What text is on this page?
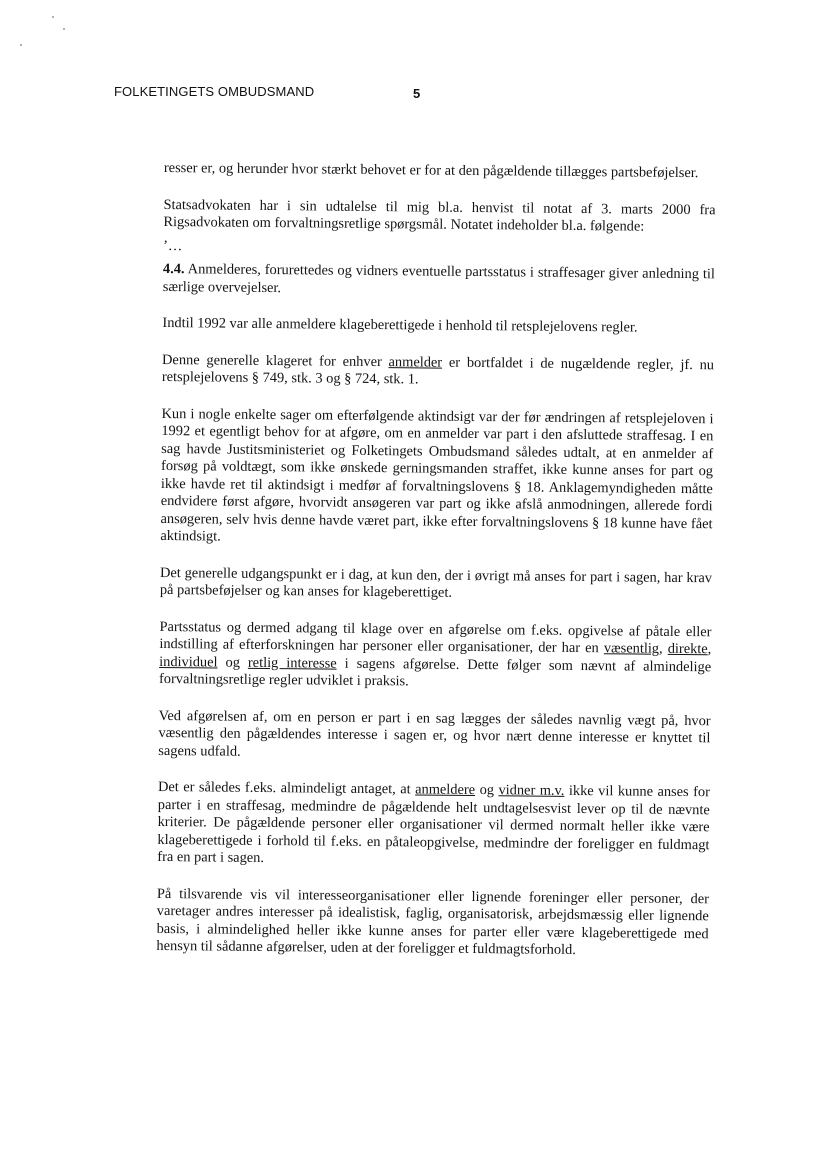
FOLKETINGETS OMBUDSMAND	5

resser er, og herunder hvor stærkt behovet er for at den pågældende tillægges partsbeføjelser.

Statsadvokaten har i sin udtalelse til mig bl.a. henvist til notat af 3. marts 2000 fra Rigsadvokaten om forvaltningsretlige spørgsmål. Notatet indeholder bl.a. følgende:

’…

4.4. Anmelderes, forurettedes og vidners eventuelle partsstatus i straffesager giver anledning til særlige overvejelser.

Indtil 1992 var alle anmeldere klageberettigede i henhold til retsplejelovens regler.

Denne generelle klageret for enhver anmelder er bortfaldet i de nugældende regler, jf. nu retsplejelovens § 749, stk. 3 og § 724, stk. 1.

Kun i nogle enkelte sager om efterfølgende aktindsigt var der før ændringen af retsplejeloven i 1992 et egentligt behov for at afgøre, om en anmelder var part i den afsluttede straffesag. I en sag havde Justitsministeriet og Folketingets Ombudsmand således udtalt, at en anmelder af forsøg på voldtægt, som ikke ønskede gerningsmanden straffet, ikke kunne anses for part og ikke havde ret til aktindsigt i medfør af forvaltningslovens § 18. Anklagemyndigheden måtte endvidere først afgøre, hvorvidt ansøgeren var part og ikke afslå anmodningen, allerede fordi ansøgeren, selv hvis denne havde været part, ikke efter forvaltningslovens § 18 kunne have fået aktindsigt.

Det generelle udgangspunkt er i dag, at kun den, der i øvrigt må anses for part i sagen, har krav på partsbeføjelser og kan anses for klageberettiget.

Partsstatus og dermed adgang til klage over en afgørelse om f.eks. opgivelse af påtale eller indstilling af efterforskningen har personer eller organisationer, der har en væsentlig, direkte, individuel og retlig interesse i sagens afgørelse. Dette følger som nævnt af almindelige forvaltningsretlige regler udviklet i praksis.

Ved afgørelsen af, om en person er part i en sag lægges der således navnlig vægt på, hvor væsentlig den pågældendes interesse i sagen er, og hvor nært denne interesse er knyttet til sagens udfald.

Det er således f.eks. almindeligt antaget, at anmeldere og vidner m.v. ikke vil kunne anses for parter i en straffesag, medmindre de pågældende helt undtagelsesvist lever op til de nævnte kriterier. De pågældende personer eller organisationer vil dermed normalt heller ikke være klageberettigede i forhold til f.eks. en påtaleopgivelse, medmindre der foreligger en fuldmagt fra en part i sagen.

På tilsvarende vis vil interesseorganisationer eller lignende foreninger eller personer, der varetager andres interesser på idealistisk, faglig, organisatorisk, arbejdsmæssig eller lignende basis, i almindelighed heller ikke kunne anses for parter eller være klageberettigede med hensyn til sådanne afgørelser, uden at der foreligger et fuldmagtsforhold.
